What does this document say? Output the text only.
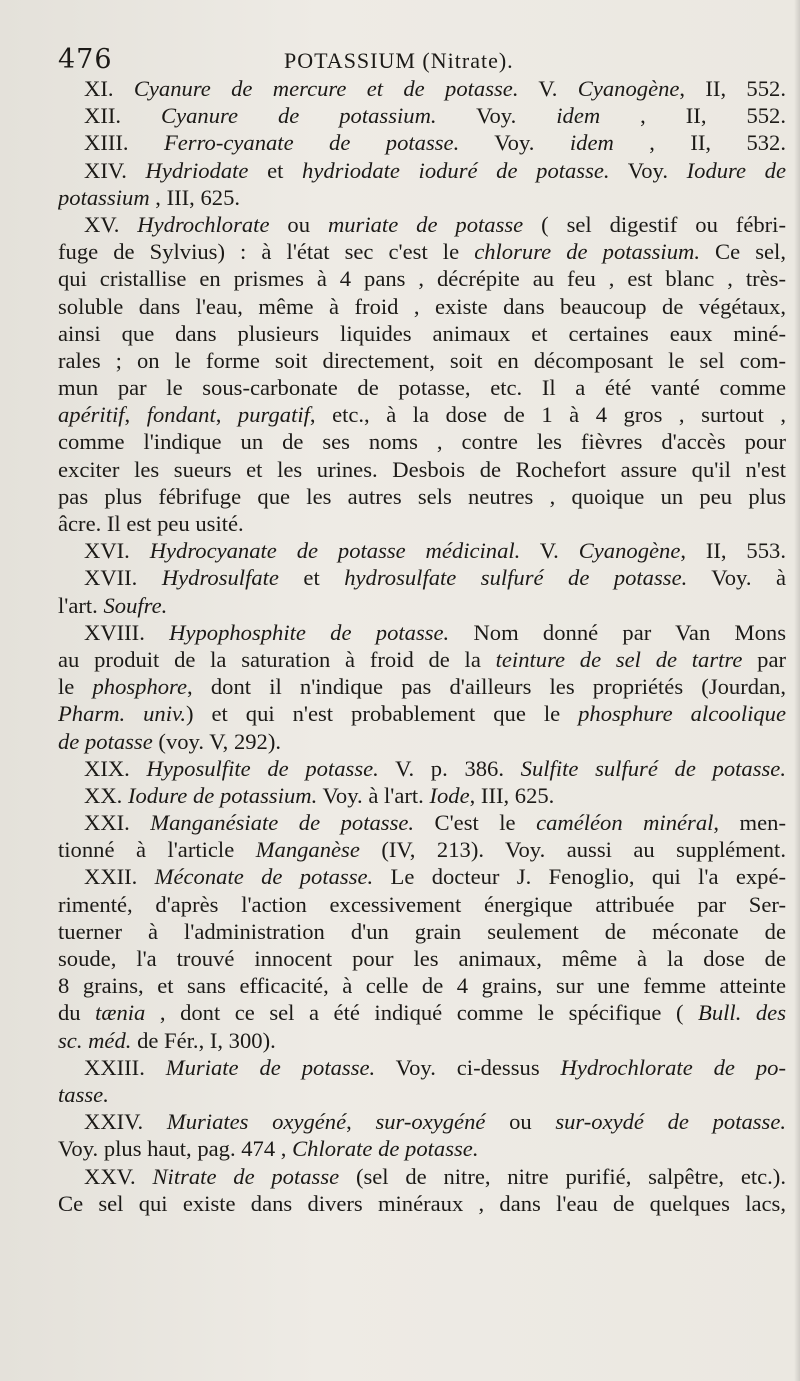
476	POTASSIUM (Nitrate).
XI. Cyanure de mercure et de potasse. V. Cyanogène, II, 552.
XII. Cyanure de potassium. Voy. idem , II, 552.
XIII. Ferro-cyanate de potasse. Voy. idem , II, 532.
XIV. Hydriodate et hydriodate ioduré de potasse. Voy. Iodure de
potassium , III, 625.
XV. Hydrochlorate ou muriate de potasse ( sel digestif ou fébri-
fuge de Sylvius) : à l'état sec c'est le chlorure de potassium. Ce sel,
qui cristallise en prismes à 4 pans , décrépite au feu , est blanc , très-
soluble dans l'eau, même à froid , existe dans beaucoup de végétaux,
ainsi que dans plusieurs liquides animaux et certaines eaux miné-
rales ; on le forme soit directement, soit en décomposant le sel com-
mun par le sous-carbonate de potasse, etc. Il a été vanté comme
apéritif, fondant, purgatif, etc., à la dose de 1 à 4 gros , surtout ,
comme l'indique un de ses noms , contre les fièvres d'accès pour
exciter les sueurs et les urines. Desbois de Rochefort assure qu'il n'est
pas plus fébrifuge que les autres sels neutres , quoique un peu plus
âcre. Il est peu usité.
XVI. Hydrocyanate de potasse médicinal. V. Cyanogène, II, 553.
XVII. Hydrosulfate et hydrosulfate sulfuré de potasse. Voy. à
l'art. Soufre.
XVIII. Hypophosphite de potasse. Nom donné par Van Mons
au produit de la saturation à froid de la teinture de sel de tartre par
le phosphore, dont il n'indique pas d'ailleurs les propriétés (Jourdan,
Pharm. univ.) et qui n'est probablement que le phosphure alcoolique
de potasse (voy. V, 292).
XIX. Hyposulfite de potasse. V. p. 386. Sulfite sulfuré de potasse.
XX. Iodure de potassium. Voy. à l'art. Iode, III, 625.
XXI. Manganésiate de potasse. C'est le caméléon minéral, men-
tionné à l'article Manganèse (IV, 213). Voy. aussi au supplément.
XXII. Méconate de potasse. Le docteur J. Fenoglio, qui l'a expé-
rimenté, d'après l'action excessivement énergique attribuée par Ser-
tuerner à l'administration d'un grain seulement de méconate de
soude, l'a trouvé innocent pour les animaux, même à la dose de
8 grains, et sans efficacité, à celle de 4 grains, sur une femme atteinte
du tænia , dont ce sel a été indiqué comme le spécifique ( Bull. des
sc. méd. de Fér., I, 300).
XXIII. Muriate de potasse. Voy. ci-dessus Hydrochlorate de po-
tasse.
XXIV. Muriates oxygéné, sur-oxygéné ou sur-oxydé de potasse.
Voy. plus haut, pag. 474 , Chlorate de potasse.
XXV. Nitrate de potasse (sel de nitre, nitre purifié, salpêtre, etc.).
Ce sel qui existe dans divers minéraux , dans l'eau de quelques lacs,
